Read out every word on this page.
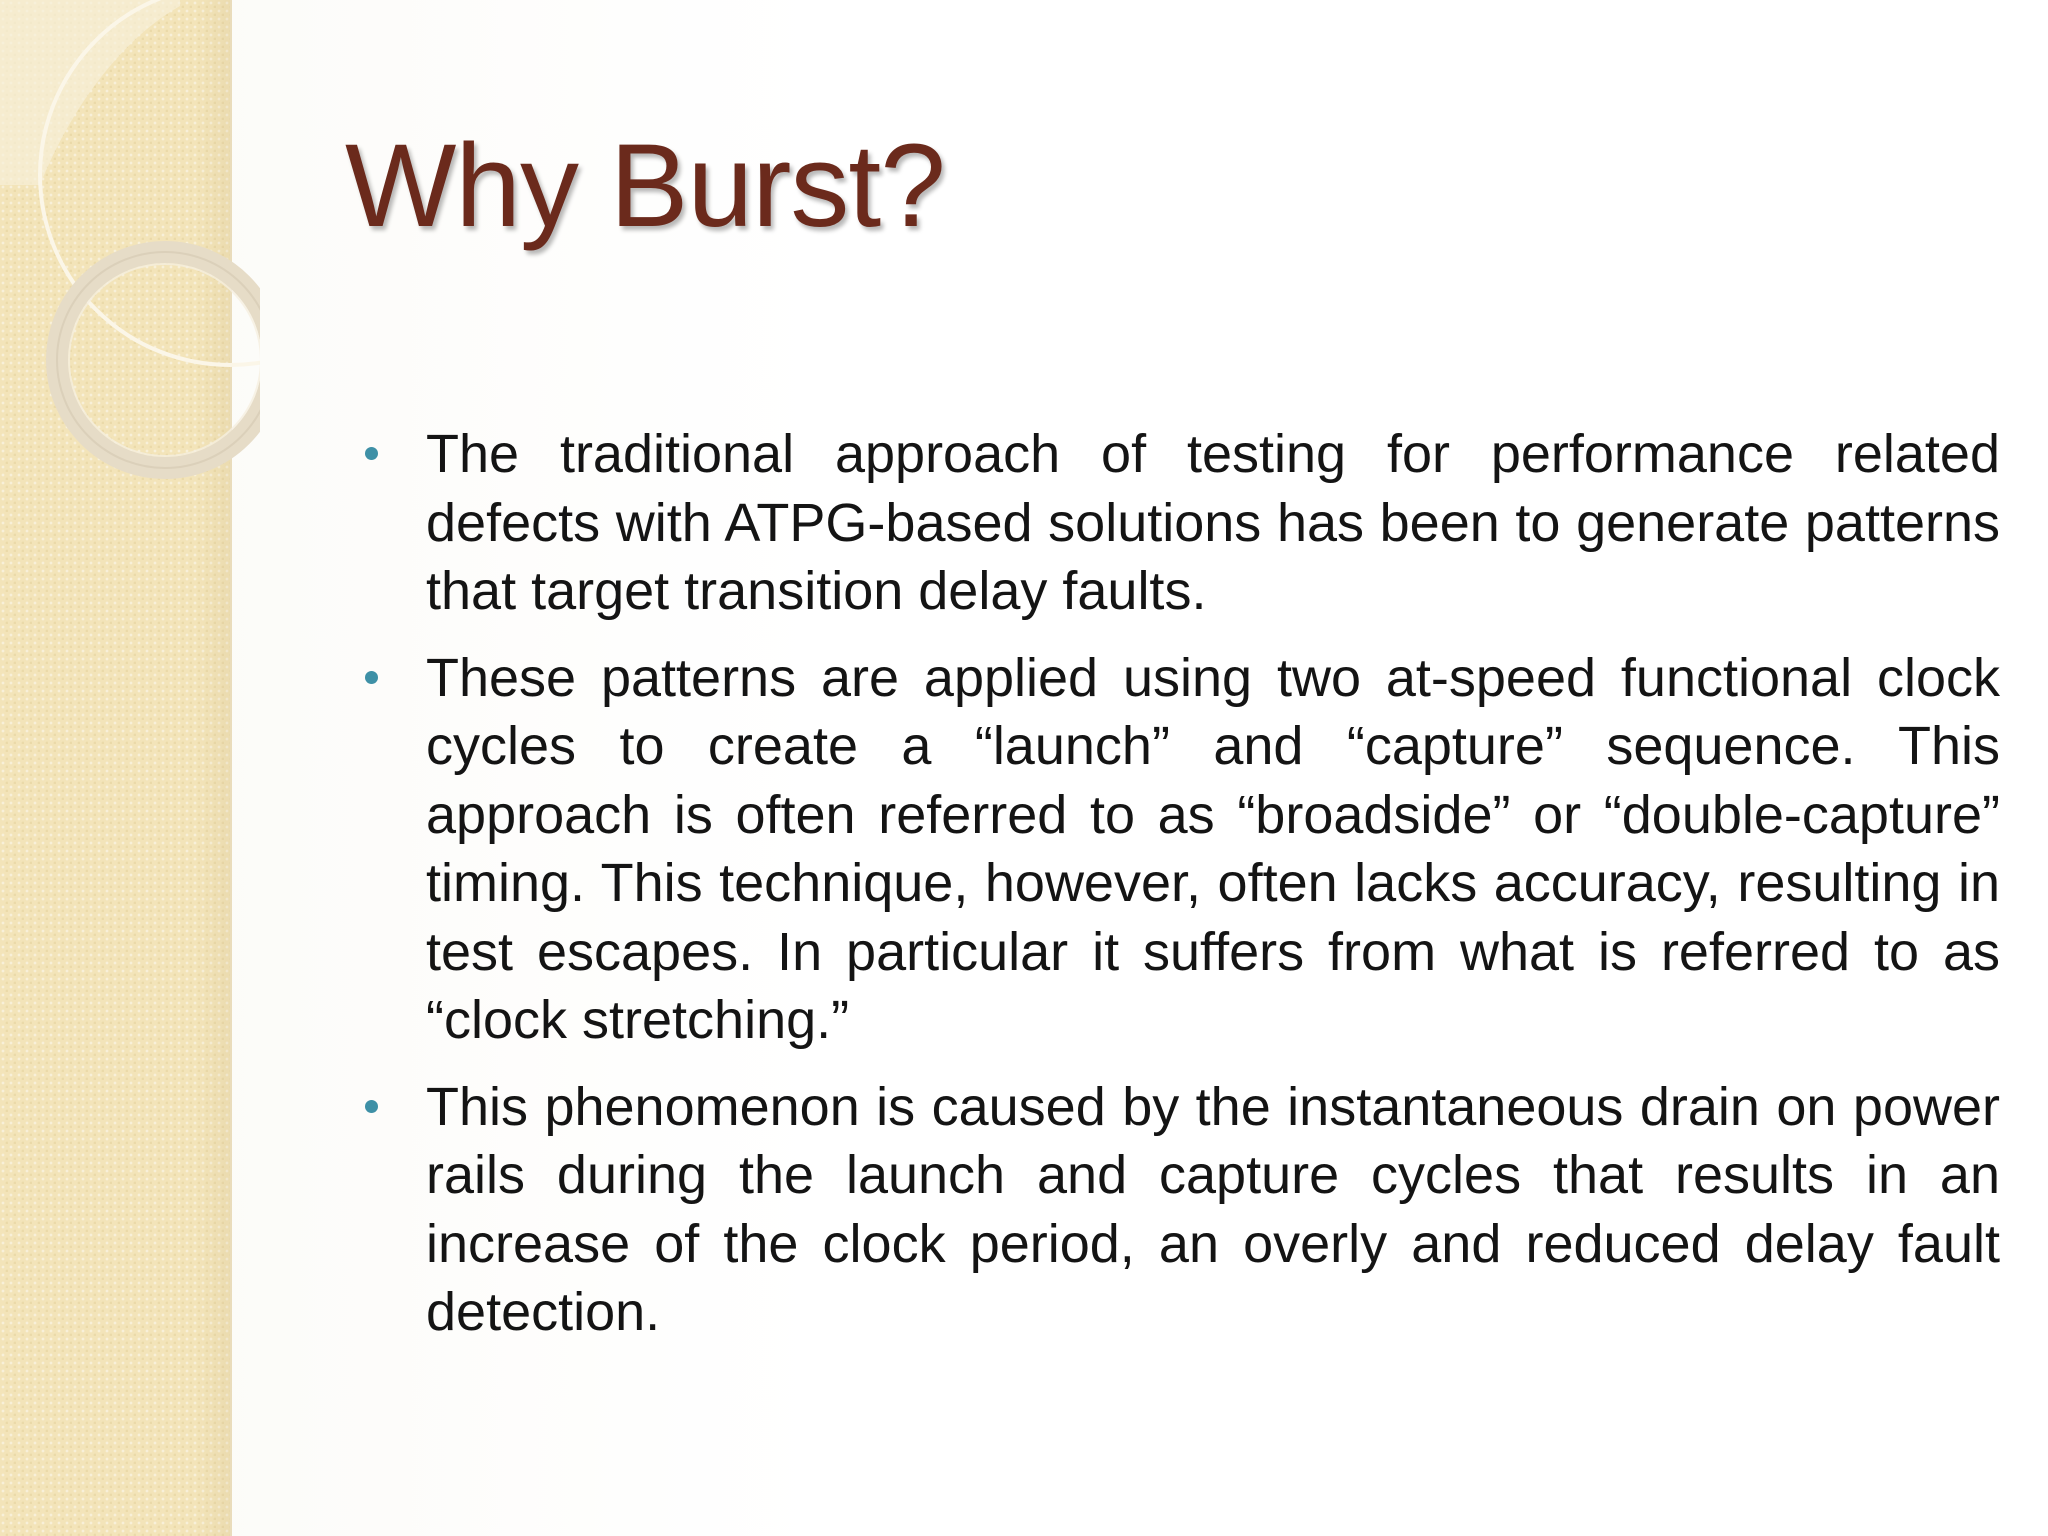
Why Burst?
The traditional approach of testing for performance related defects with ATPG-based solutions has been to generate patterns that target transition delay faults.
These patterns are applied using two at-speed functional clock cycles to create a “launch” and “capture” sequence. This approach is often referred to as “broadside” or “double-capture” timing. This technique, however, often lacks accuracy, resulting in test escapes. In particular it suffers from what is referred to as “clock stretching.”
This phenomenon is caused by the instantaneous drain on power rails during the launch and capture cycles that results in an increase of the clock period, an overly and reduced delay fault detection.
